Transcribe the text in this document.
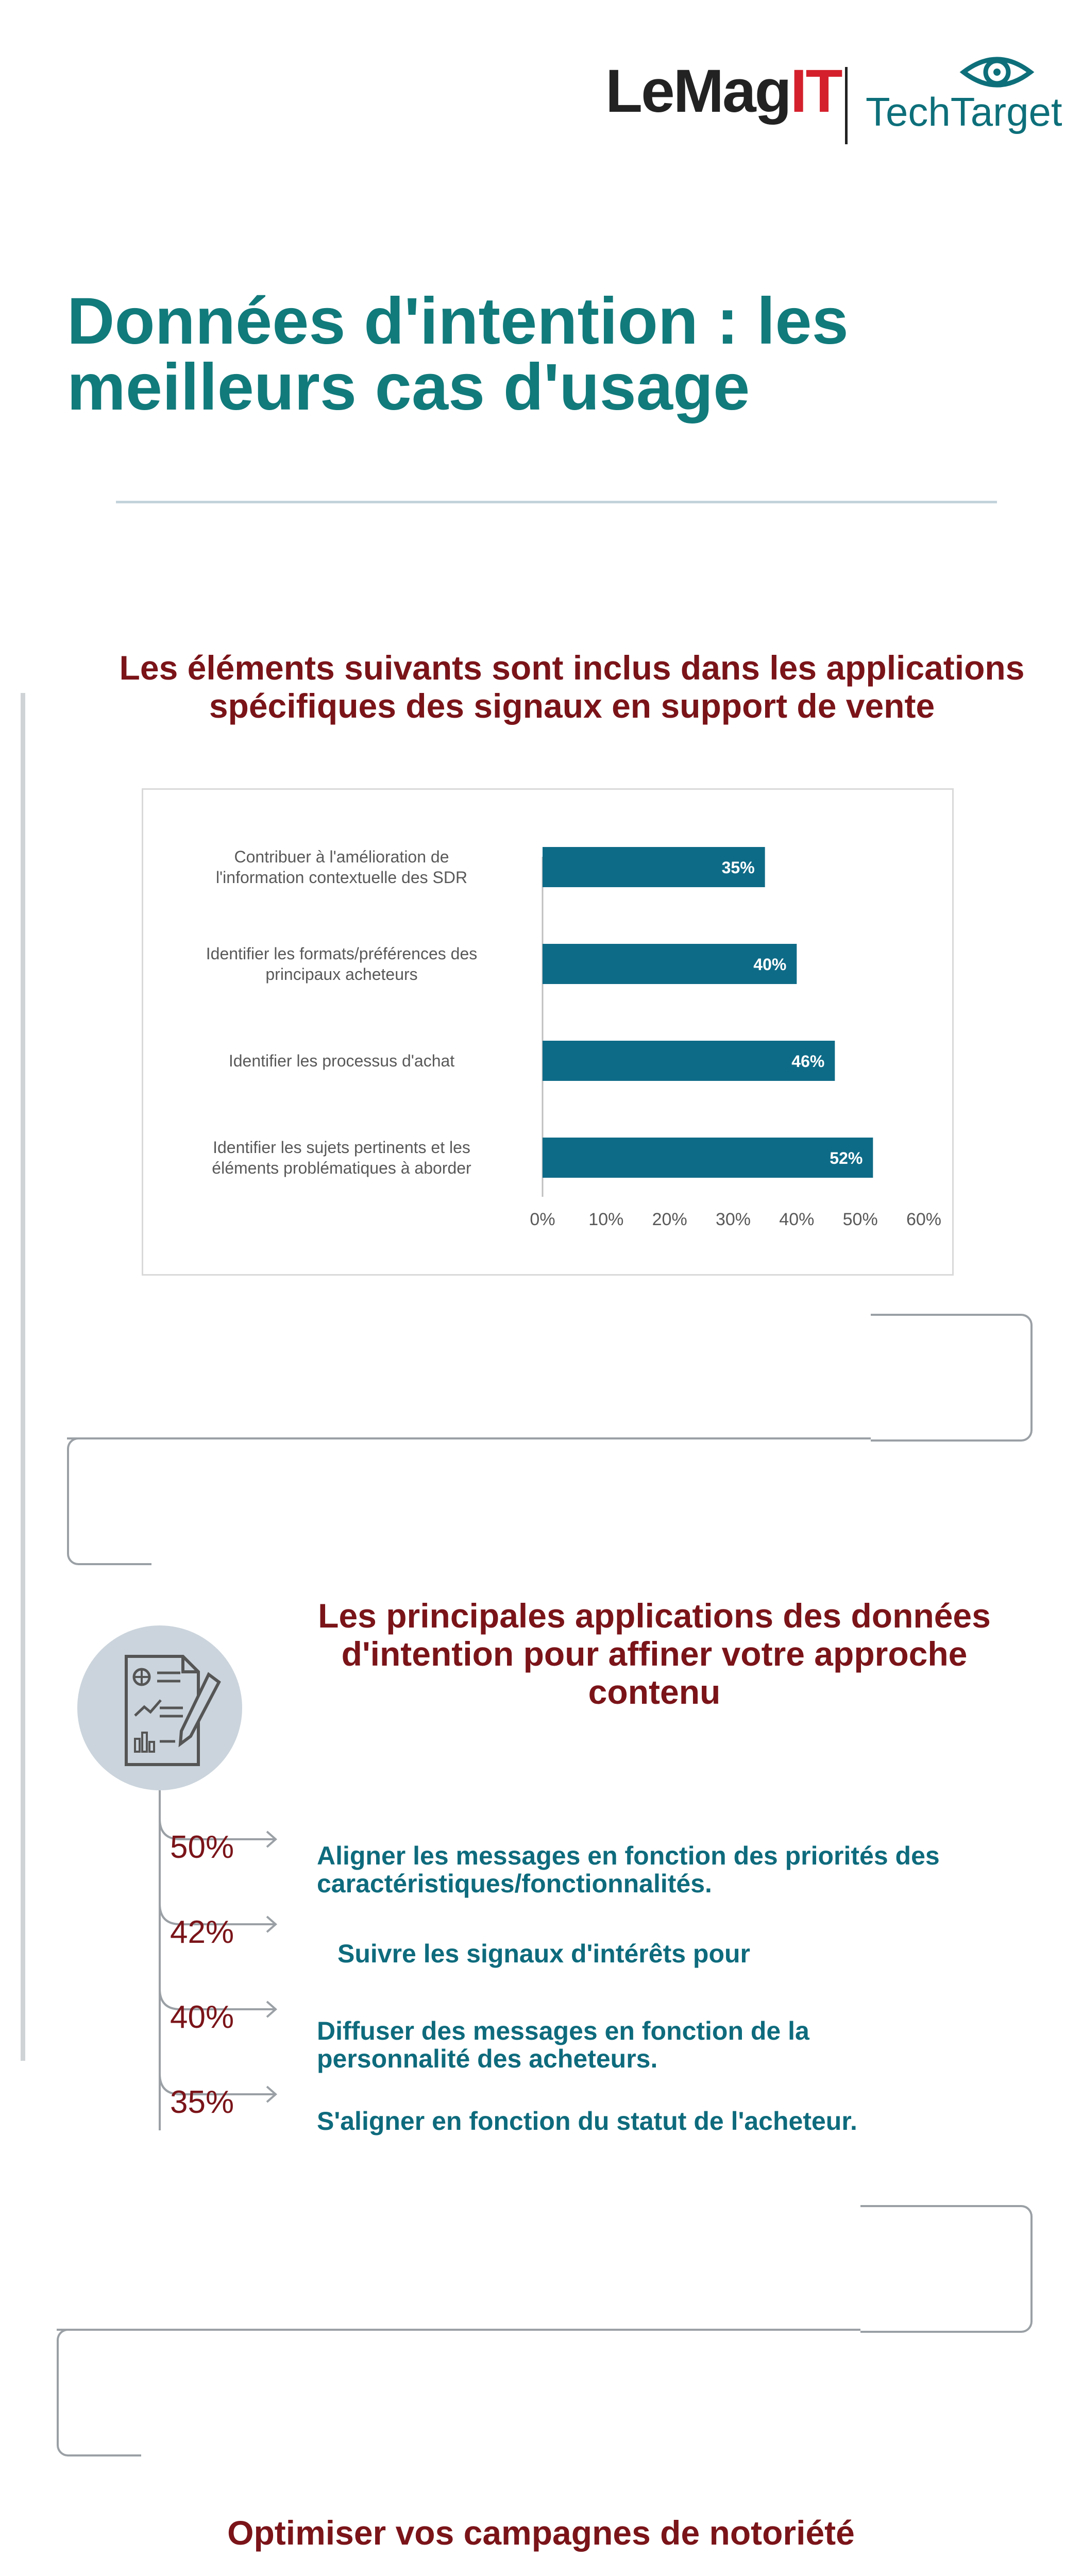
LeMagIT TechTarget
Données d'intention : les meilleurs cas d'usage
Les éléments suivants sont inclus dans les applications spécifiques des signaux en support de vente
35%
Contribuer à l'amélioration de l'information contextuelle des SDR
40%
Identifier les formats/préférences des principaux acheteurs
46%
Identifier les processus d'achat
52%
Identifier les sujets pertinents et les éléments problématiques à aborder
0% 10% 20% 30% 40% 50% 60%
Les principales applications des données d'intention pour affiner votre approche contenu
50%	Aligner les messages en fonction des priorités des caractéristiques/fonctionnalités.
42%
Suivre les signaux d'intérêts pour
40%	Diffuser des messages en fonction de la personnalité des acheteurs.
35%
S'aligner en fonction du statut de l'acheteur.
Optimiser vos campagnes de notoriété
